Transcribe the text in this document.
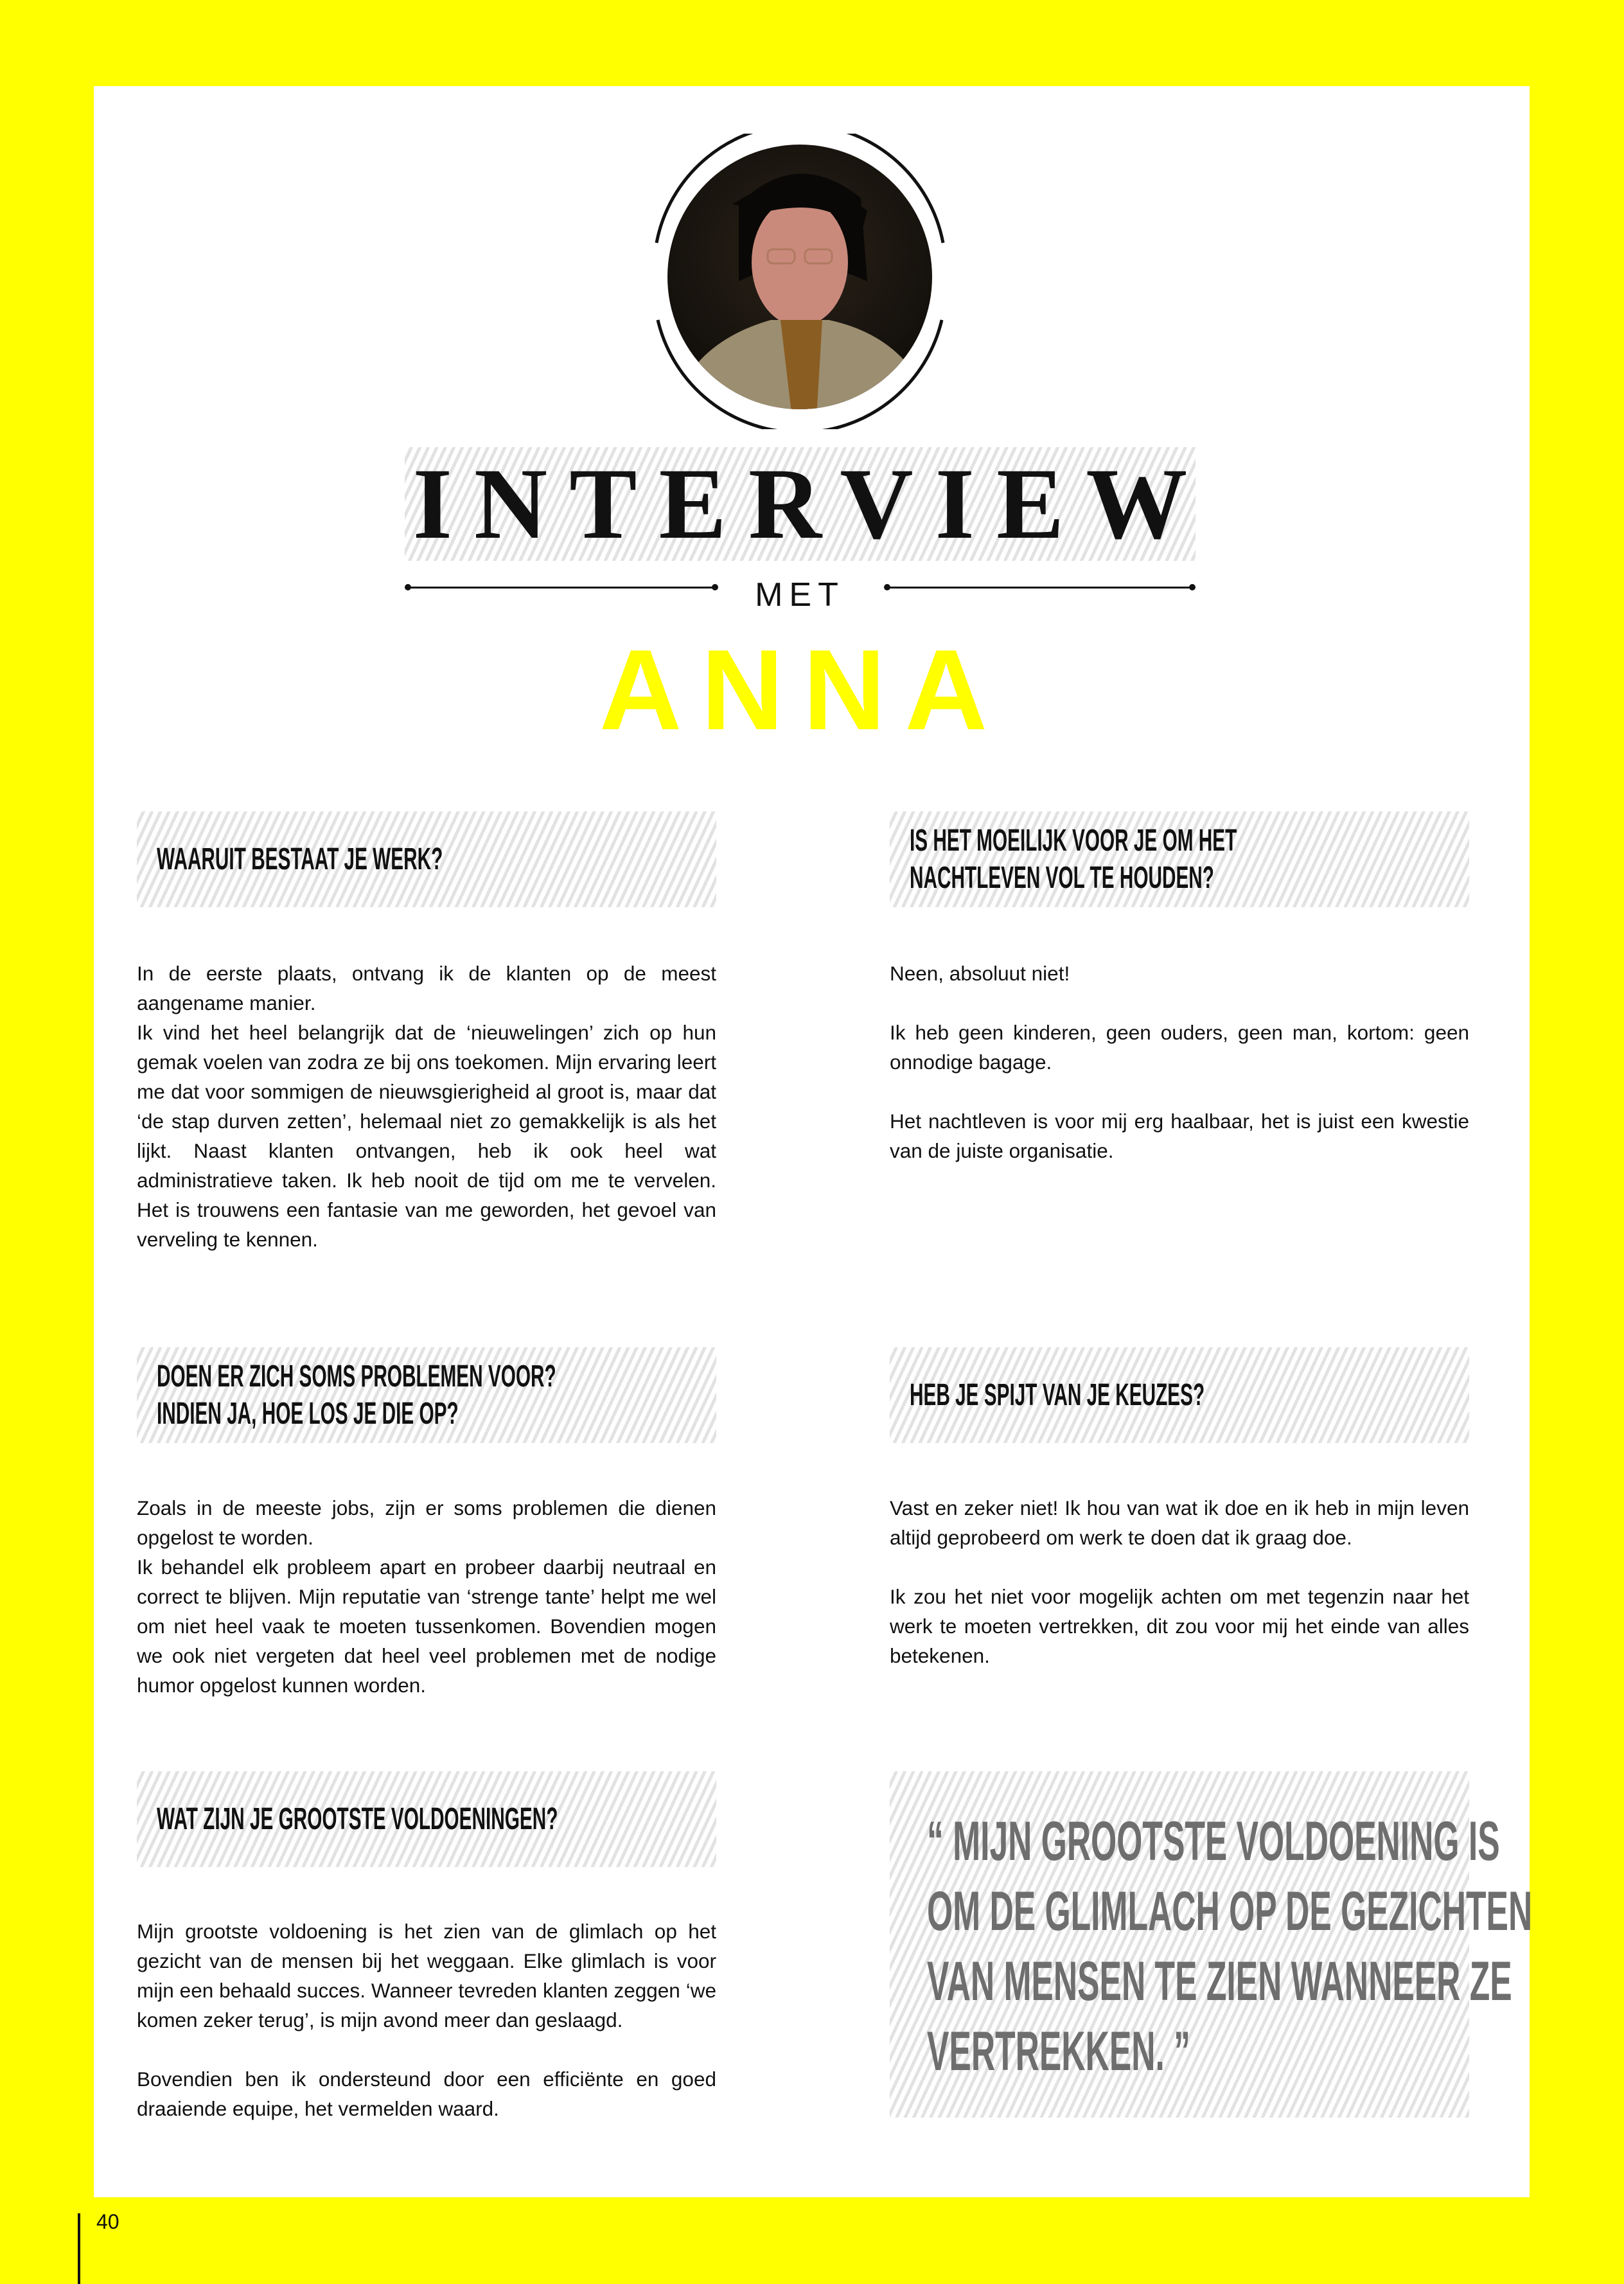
INTERVIEW
MET
ANNA
WAARUIT BESTAAT JE WERK?

In de eerste plaats, ontvang ik de klanten op de meest aangename manier.

Ik vind het heel belangrijk dat de ‘nieuwelingen’ zich op hun gemak voelen van zodra ze bij ons toekomen. Mijn ervaring leert me dat voor sommigen de nieuwsgierigheid al groot is, maar dat ‘de stap durven zetten’, helemaal niet zo gemakkelijk is als het lijkt. Naast klanten ontvangen, heb ik ook heel wat administratieve taken. Ik heb nooit de tijd om me te vervelen. Het is trouwens een fantasie van me geworden, het gevoel van verveling te kennen.

IS HET MOEILIJK VOOR JE OM HET
NACHTLEVEN VOL TE HOUDEN?

Neen, absoluut niet!

Ik heb geen kinderen, geen ouders, geen man, kortom: geen onnodige bagage.

Het nachtleven is voor mij erg haalbaar, het is juist een kwestie van de juiste organisatie.

DOEN ER ZICH SOMS PROBLEMEN VOOR?
INDIEN JA, HOE LOS JE DIE OP?

Zoals in de meeste jobs, zijn er soms problemen die dienen opgelost te worden.

Ik behandel elk probleem apart en probeer daarbij neutraal en correct te blijven. Mijn reputatie van ‘strenge tante’ helpt me wel om niet heel vaak te moeten tussenkomen. Bovendien mogen we ook niet vergeten dat heel veel problemen met de nodige humor opgelost kunnen worden.

HEB JE SPIJT VAN JE KEUZES?

Vast en zeker niet! Ik hou van wat ik doe en ik heb in mijn leven altijd geprobeerd om werk te doen dat ik graag doe.

Ik zou het niet voor mogelijk achten om met tegenzin naar het werk te moeten vertrekken, dit zou voor mij het einde van alles betekenen.

WAT ZIJN JE GROOTSTE VOLDOENINGEN?

Mijn grootste voldoening is het zien van de glimlach op het gezicht van de mensen bij het weggaan. Elke glimlach is voor mijn een behaald succes. Wanneer tevreden klanten zeggen ‘we komen zeker terug’, is mijn avond meer dan geslaagd.

Bovendien ben ik ondersteund door een efficiënte en goed draaiende equipe, het vermelden waard.

“ MIJN GROOTSTE VOLDOENING IS
OM DE GLIMLACH OP DE GEZICHTEN
VAN MENSEN TE ZIEN WANNEER ZE
VERTREKKEN. ”
40
